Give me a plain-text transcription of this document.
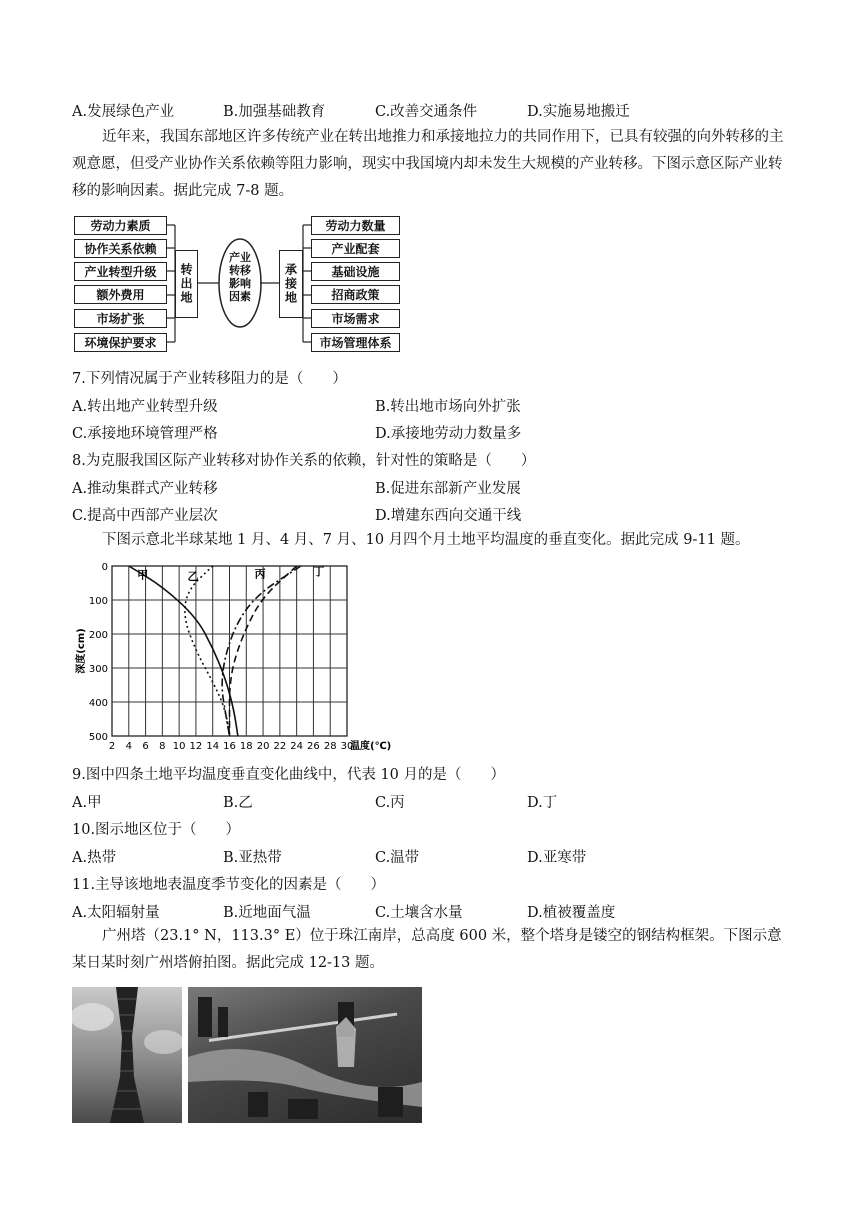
A.发展绿色产业	B.加强基础教育	C.改善交通条件	D.实施易地搬迁
近年来，我国东部地区许多传统产业在转出地推力和承接地拉力的共同作用下，已具有较强的向外转移的主观意愿，但受产业协作关系依赖等阻力影响，现实中我国境内却未发生大规模的产业转移。下图示意区际产业转移的影响因素。据此完成 7-8 题。
劳动力素质
协作关系依赖
产业转型升级
额外费用
市场扩张
环境保护要求
转出地
产业转移影响因素	承接地
劳动力数量
产业配套
基础设施
招商政策
市场需求
市场管理体系
7.下列情况属于产业转移阻力的是（　　）
A.转出地产业转型升级	B.转出地市场向外扩张
C.承接地环境管理严格	D.承接地劳动力数量多
8.为克服我国区际产业转移对协作关系的依赖，针对性的策略是（　　）
A.推动集群式产业转移	B.促进东部新产业发展
C.提高中西部产业层次	D.增建东西向交通干线
下图示意北半球某地 1 月、4 月、7 月、10 月四个月土地平均温度的垂直变化。据此完成 9-11 题。
2 4 6 8 10 12 14 16 18 20 22 24 26 28 30
0
100
200
300
400
500
温度(℃)
深度(cm)
甲	乙	丙	丁
9.图中四条土地平均温度垂直变化曲线中，代表 10 月的是（　　）
A.甲	B.乙	C.丙	D.丁
10.图示地区位于（　　）
A.热带	B.亚热带	C.温带	D.亚寒带
11.主导该地地表温度季节变化的因素是（　　）
A.太阳辐射量	B.近地面气温	C.土壤含水量	D.植被覆盖度
广州塔（23.1° N，113.3° E）位于珠江南岸，总高度 600 米，整个塔身是镂空的钢结构框架。下图示意某日某时刻广州塔俯拍图。据此完成 12-13 题。
